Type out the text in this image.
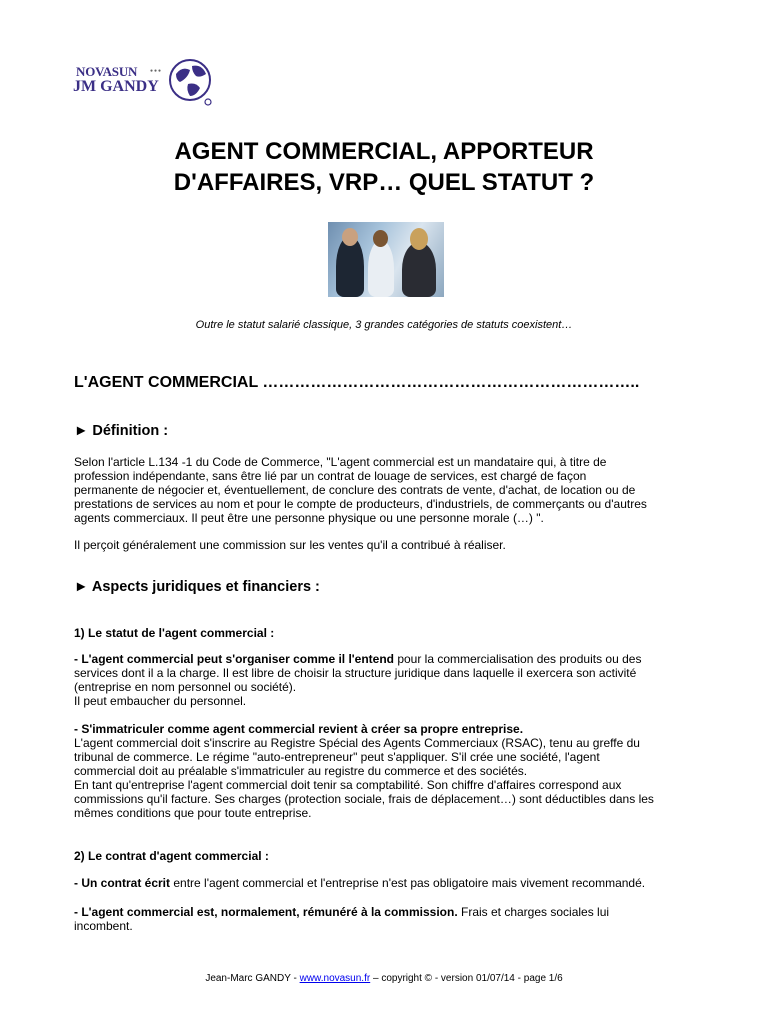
NOVASUN	●●●
JM GANDY
AGENT COMMERCIAL, APPORTEUR
D'AFFAIRES, VRP… QUEL STATUT ?
Outre le statut salarié classique, 3 grandes catégories de statuts coexistent…
L'AGENT COMMERCIAL ……………………………………………………………..
► Définition :
Selon l'article L.134 -1 du Code de Commerce, "L'agent commercial est un mandataire qui, à titre de
profession indépendante, sans être lié par un contrat de louage de services, est chargé de façon
permanente de négocier et, éventuellement, de conclure des contrats de vente, d'achat, de location ou de
prestations de services au nom et pour le compte de producteurs, d'industriels, de commerçants ou d'autres
agents commerciaux. Il peut être une personne physique ou une personne morale (…) ".
Il perçoit généralement une commission sur les ventes qu'il a contribué à réaliser.
► Aspects juridiques et financiers :
1) Le statut de l'agent commercial :
- L'agent commercial peut s'organiser comme il l'entend pour la commercialisation des produits ou des
services dont il a la charge. Il est libre de choisir la structure juridique dans laquelle il exercera son activité
(entreprise en nom personnel ou société).
Il peut embaucher du personnel.
- S'immatriculer comme agent commercial revient à créer sa propre entreprise.
L'agent commercial doit s'inscrire au Registre Spécial des Agents Commerciaux (RSAC), tenu au greffe du
tribunal de commerce. Le régime "auto-entrepreneur" peut s'appliquer. S'il crée une société, l'agent
commercial doit au préalable s'immatriculer au registre du commerce et des sociétés.
En tant qu'entreprise l'agent commercial doit tenir sa comptabilité. Son chiffre d'affaires correspond aux
commissions qu'il facture. Ses charges (protection sociale, frais de déplacement…) sont déductibles dans les
mêmes conditions que pour toute entreprise.
2) Le contrat d'agent commercial :
- Un contrat écrit entre l'agent commercial et l'entreprise n'est pas obligatoire mais vivement recommandé.
- L'agent commercial est, normalement, rémunéré à la commission. Frais et charges sociales lui
incombent.
Jean-Marc GANDY - www.novasun.fr – copyright © - version 01/07/14 - page 1/6
